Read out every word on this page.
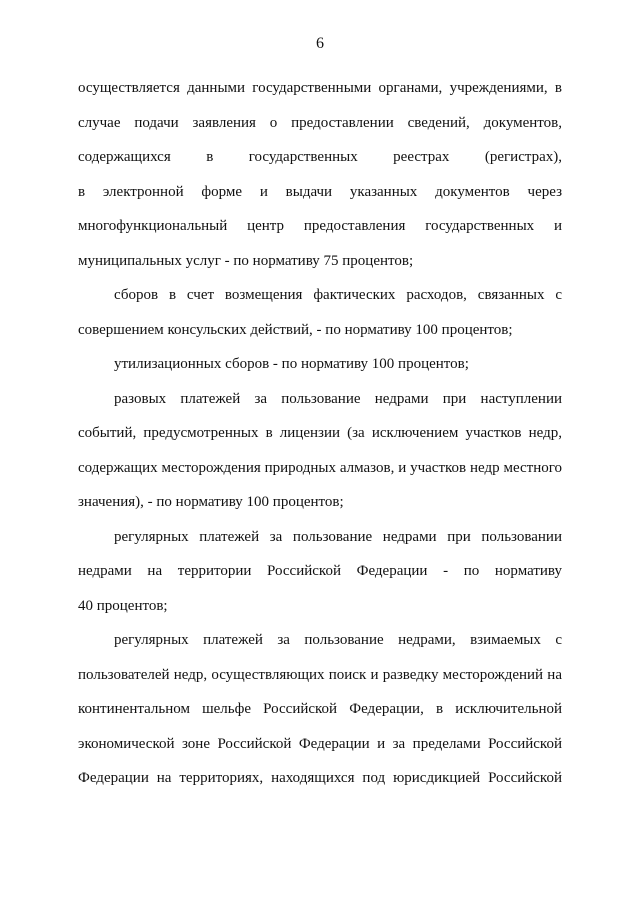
6
осуществляется данными государственными органами, учреждениями, в
случае подачи заявления о предоставлении сведений, документов,
содержащихся в государственных реестрах (регистрах),
в электронной форме и выдачи указанных документов через
многофункциональный центр предоставления государственных и
муниципальных услуг - по нормативу 75 процентов;
сборов в счет возмещения фактических расходов, связанных с
совершением консульских действий, - по нормативу 100 процентов;
утилизационных сборов - по нормативу 100 процентов;
разовых платежей за пользование недрами при наступлении
событий, предусмотренных в лицензии (за исключением участков недр,
содержащих месторождения природных алмазов, и участков недр местного
значения), - по нормативу 100 процентов;
регулярных платежей за пользование недрами при пользовании
недрами на территории Российской Федерации - по нормативу
40 процентов;
регулярных платежей за пользование недрами, взимаемых с
пользователей недр, осуществляющих поиск и разведку месторождений на
континентальном шельфе Российской Федерации, в исключительной
экономической зоне Российской Федерации и за пределами Российской
Федерации на территориях, находящихся под юрисдикцией Российской
